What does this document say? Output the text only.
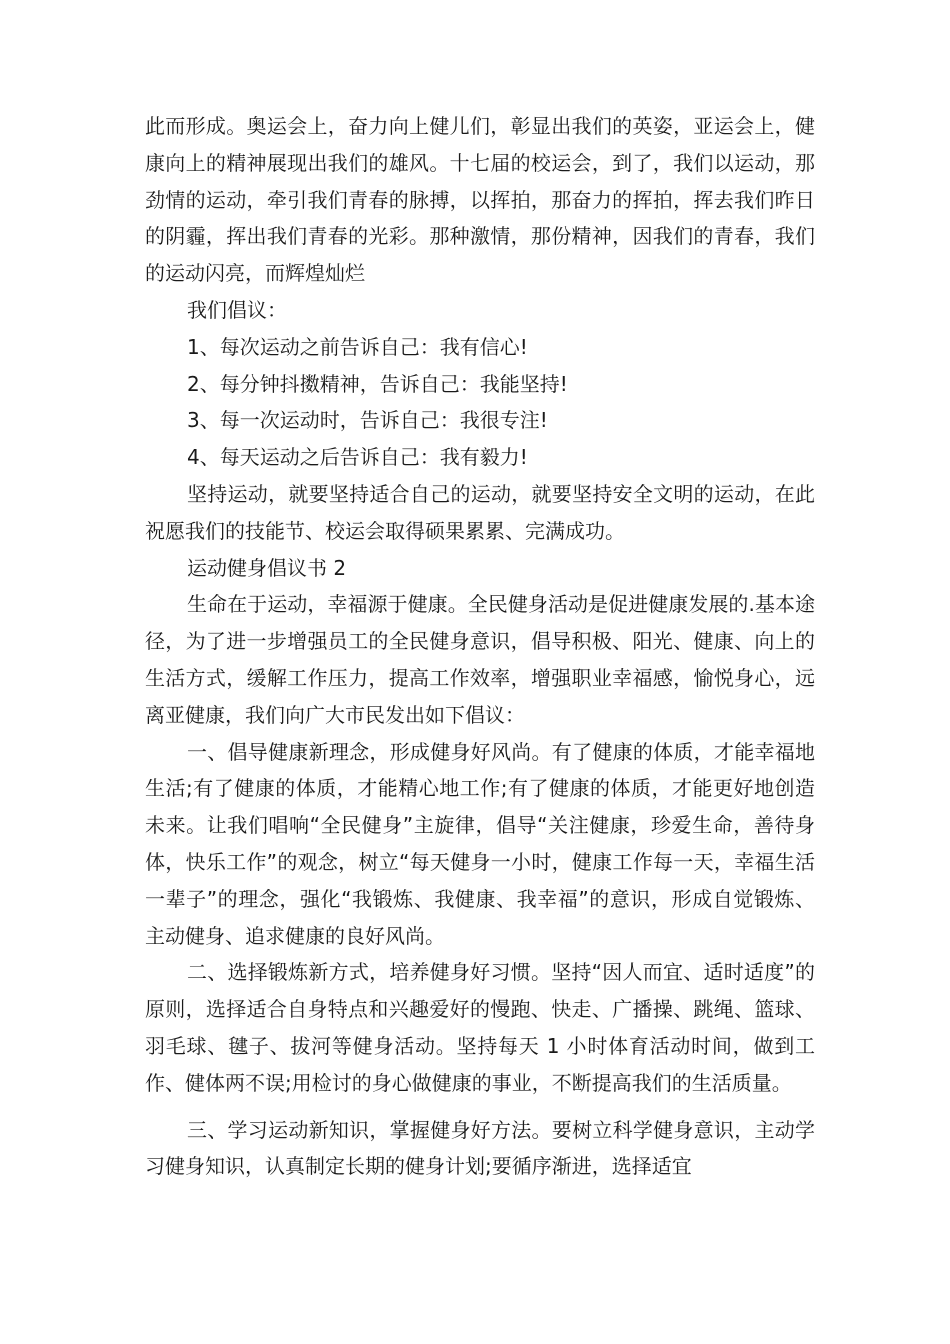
此而形成。奥运会上，奋力向上健儿们，彰显出我们的英姿，亚运会上，健康向上的精神展现出我们的雄风。十七届的校运会，到了，我们以运动，那劲情的运动，牵引我们青春的脉搏，以挥拍，那奋力的挥拍，挥去我们昨日的阴霾，挥出我们青春的光彩。那种激情，那份精神，因我们的青春，我们的运动闪亮，而辉煌灿烂

我们倡议：

1、每次运动之前告诉自己：我有信心!

2、每分钟抖擞精神，告诉自己：我能坚持!

3、每一次运动时，告诉自己：我很专注!

4、每天运动之后告诉自己：我有毅力!

坚持运动，就要坚持适合自己的运动，就要坚持安全文明的运动，在此祝愿我们的技能节、校运会取得硕果累累、完满成功。

运动健身倡议书 2

生命在于运动，幸福源于健康。全民健身活动是促进健康发展的.基本途径，为了进一步增强员工的全民健身意识，倡导积极、阳光、健康、向上的生活方式，缓解工作压力，提高工作效率，增强职业幸福感，愉悦身心，远离亚健康，我们向广大市民发出如下倡议：

一、倡导健康新理念，形成健身好风尚。有了健康的体质，才能幸福地生活;有了健康的体质，才能精心地工作;有了健康的体质，才能更好地创造未来。让我们唱响“全民健身”主旋律，倡导“关注健康，珍爱生命，善待身体，快乐工作”的观念，树立“每天健身一小时，健康工作每一天，幸福生活一辈子”的理念，强化“我锻炼、我健康、我幸福”的意识，形成自觉锻炼、主动健身、追求健康的良好风尚。

二、选择锻炼新方式，培养健身好习惯。坚持“因人而宜、适时适度”的原则，选择适合自身特点和兴趣爱好的慢跑、快走、广播操、跳绳、篮球、羽毛球、毽子、拔河等健身活动。坚持每天 1 小时体育活动时间，做到工作、健体两不误;用检讨的身心做健康的事业，不断提高我们的生活质量。

三、学习运动新知识，掌握健身好方法。要树立科学健身意识，主动学习健身知识，认真制定长期的健身计划;要循序渐进，选择适宜
